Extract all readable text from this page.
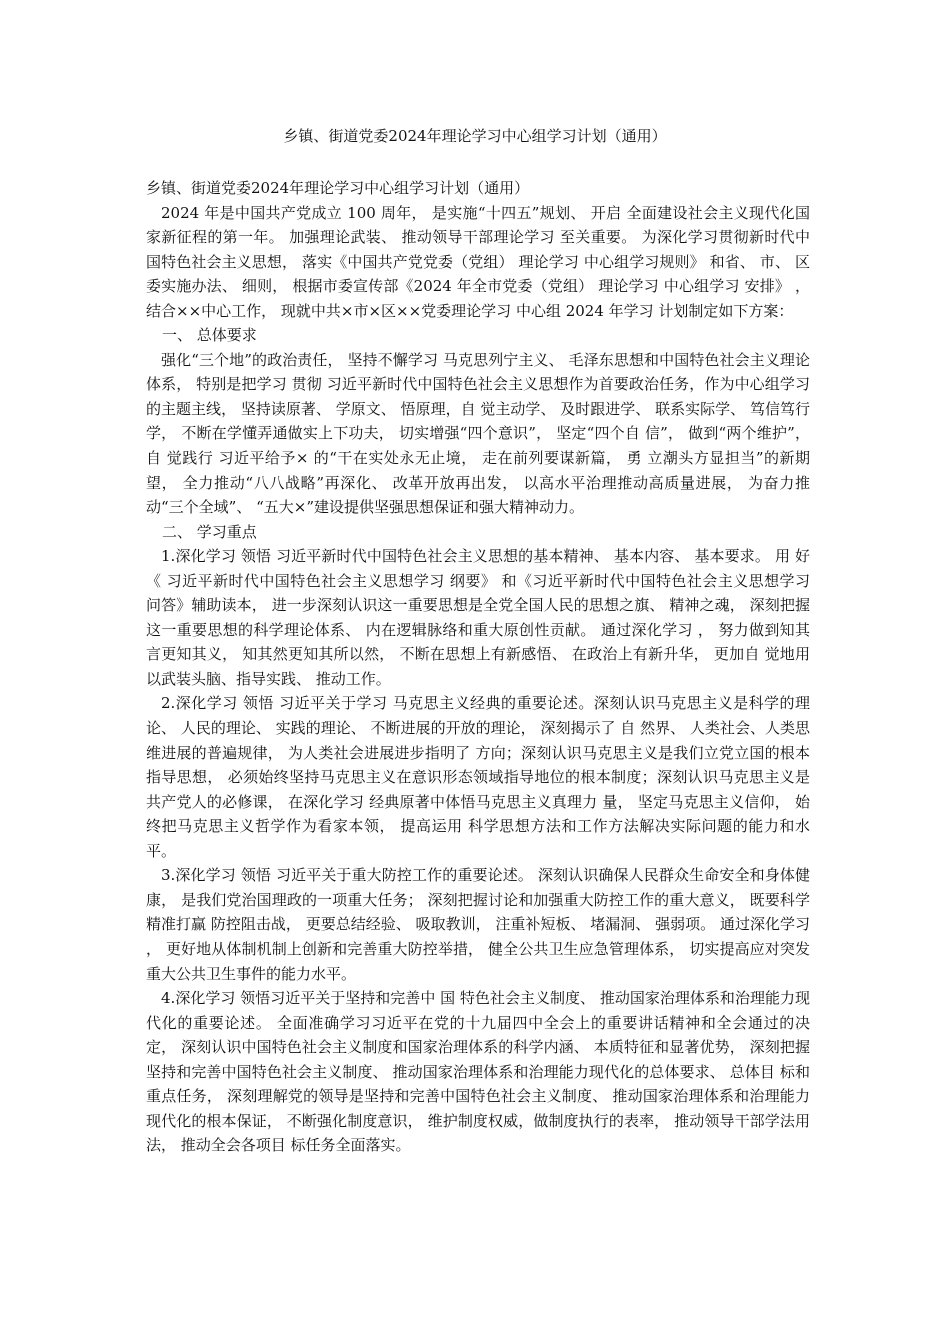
乡镇、街道党委2024年理论学习中心组学习计划（通用）

乡镇、街道党委2024年理论学习中心组学习计划（通用）

2024 年是中国共产党成立 100 周年， 是实施“十四五”规划、 开启 全面建设社会主义现代化国家新征程的第一年。 加强理论武装、 推动领导干部理论学习 至关重要。 为深化学习贯彻新时代中国特色社会主义思想， 落实《中国共产党党委（党组） 理论学习 中心组学习规则》 和省、 市、 区委实施办法、 细则， 根据市委宣传部《2024 年全市党委（党组） 理论学习 中心组学习 安排》 ， 结合××中心工作， 现就中共×市×区××党委理论学习 中心组 2024 年学习 计划制定如下方案：

一、 总体要求

强化“三个地”的政治责任， 坚持不懈学习 马克思列宁主义、 毛泽东思想和中国特色社会主义理论体系， 特别是把学习 贯彻 习近平新时代中国特色社会主义思想作为首要政治任务，作为中心组学习 的主题主线， 坚持读原著、 学原文、 悟原理，自 觉主动学、 及时跟进学、 联系实际学、 笃信笃行学， 不断在学懂弄通做实上下功夫， 切实增强“四个意识”， 坚定“四个自 信”， 做到“两个维护”， 自 觉践行 习近平给予× 的“干在实处永无止境， 走在前列要谋新篇， 勇 立潮头方显担当”的新期望， 全力推动“八八战略”再深化、 改革开放再出发， 以高水平治理推动高质量进展， 为奋力推动“三个全域”、 “五大×”建设提供坚强思想保证和强大精神动力。

二、 学习重点

1.深化学习 领悟 习近平新时代中国特色社会主义思想的基本精神、 基本内容、 基本要求。 用 好《 习近平新时代中国特色社会主义思想学习 纲要》 和《习近平新时代中国特色社会主义思想学习 问答》辅助读本， 进一步深刻认识这一重要思想是全党全国人民的思想之旗、 精神之魂， 深刻把握这一重要思想的科学理论体系、 内在逻辑脉络和重大原创性贡献。 通过深化学习 ， 努力做到知其言更知其义， 知其然更知其所以然， 不断在思想上有新感悟、 在政治上有新升华， 更加自 觉地用 以武装头脑、指导实践、 推动工作。

2.深化学习 领悟 习近平关于学习 马克思主义经典的重要论述。深刻认识马克思主义是科学的理论、 人民的理论、 实践的理论、 不断进展的开放的理论， 深刻揭示了 自 然界、 人类社会、人类思维进展的普遍规律， 为人类社会进展进步指明了 方向；深刻认识马克思主义是我们立党立国的根本指导思想， 必须始终坚持马克思主义在意识形态领域指导地位的根本制度；深刻认识马克思主义是共产党人的必修课， 在深化学习 经典原著中体悟马克思主义真理力 量， 坚定马克思主义信仰， 始终把马克思主义哲学作为看家本领， 提高运用 科学思想方法和工作方法解决实际问题的能力和水平。

3.深化学习 领悟 习近平关于重大防控工作的重要论述。 深刻认识确保人民群众生命安全和身体健康， 是我们党治国理政的一项重大任务； 深刻把握讨论和加强重大防控工作的重大意义， 既要科学精准打赢 防控阻击战， 更要总结经验、 吸取教训， 注重补短板、 堵漏洞、 强弱项。 通过深化学习 ， 更好地从体制机制上创新和完善重大防控举措， 健全公共卫生应急管理体系， 切实提高应对突发重大公共卫生事件的能力水平。

4.深化学习 领悟习近平关于坚持和完善中 国 特色社会主义制度、 推动国家治理体系和治理能力现代化的重要论述。 全面准确学习习近平在党的十九届四中全会上的重要讲话精神和全会通过的决定， 深刻认识中国特色社会主义制度和国家治理体系的科学内涵、 本质特征和显著优势， 深刻把握坚持和完善中国特色社会主义制度、 推动国家治理体系和治理能力现代化的总体要求、 总体目 标和重点任务， 深刻理解党的领导是坚持和完善中国特色社会主义制度、 推动国家治理体系和治理能力现代化的根本保证， 不断强化制度意识， 维护制度权威，做制度执行的表率， 推动领导干部学法用 法， 推动全会各项目 标任务全面落实。
